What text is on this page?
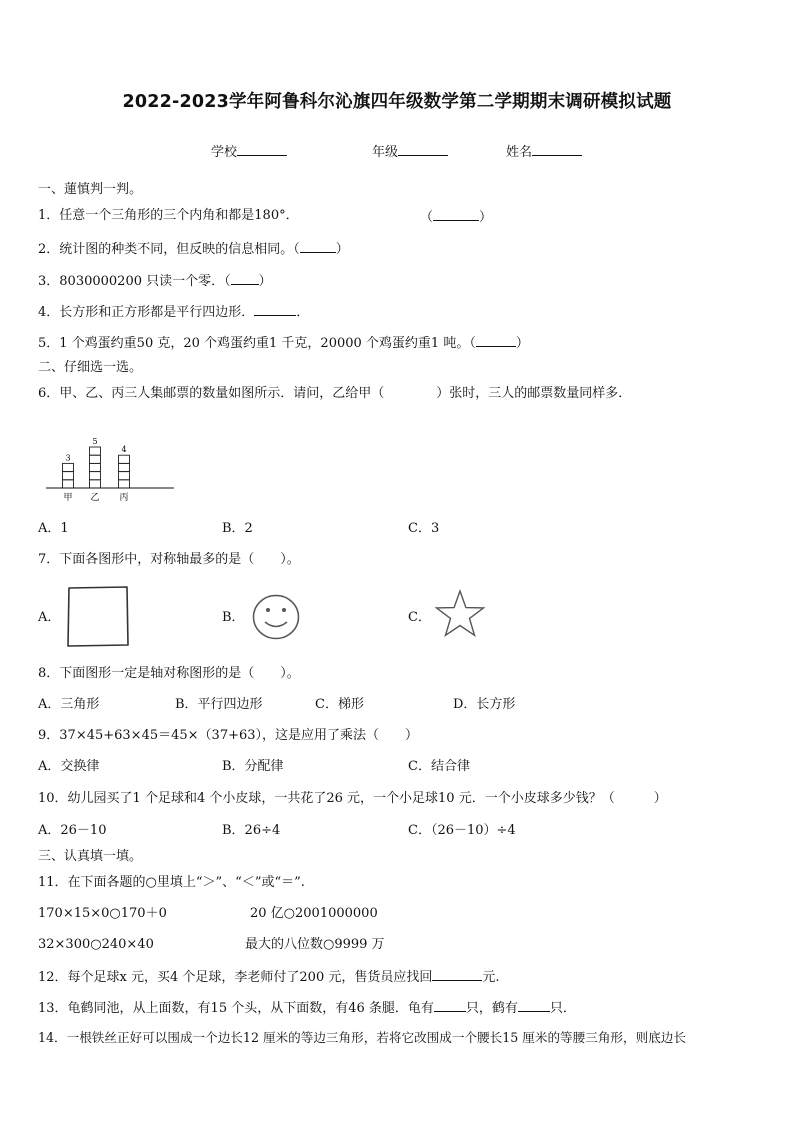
2022-2023学年阿鲁科尔沁旗四年级数学第二学期期末调研模拟试题
学校	年级	姓名
一、蓮慎判一判。
1．任意一个三角形的三个内角和都是180°．	（	）
2．统计图的种类不同，但反映的信息相同。（	）
3．8030000200 只读一个零．（ ）
4．长方形和正方形都是平行四边形．	．
5．1 个鸡蛋约重50 克，20 个鸡蛋约重1 千克，20000 个鸡蛋约重1 吨。（	）
二、仔细选一选。
6．甲、乙、丙三人集邮票的数量如图所示．请问，乙给甲（	）张时，三人的邮票数量同样多．
3
甲
5
乙
4
丙
A．1	B．2	C．3
7．下面各图形中，对称轴最多的是（　　）。
A．	B．	C．
8．下面图形一定是轴对称图形的是（　　）。
A．三角形	B．平行四边形	C．梯形	D．长方形
9．37×45+63×45＝45×（37+63），这是应用了乘法（　　）
A．交换律	B．分配律	C．结合律
10．幼儿园买了1 个足球和4 个小皮球，一共花了26 元，一个小足球10 元．一个小皮球多少钱？（　　　）
A．26－10	B．26÷4	C．（26－10）÷4
三、认真填一填。
11．在下面各题的○里填上“＞”、“＜”或“＝”.
170×15×0○170＋0	20 亿○2001000000
32×300○240×40	最大的八位数○9999 万
12．每个足球x 元，买4 个足球，李老师付了200 元，售货员应找回	元.
13．龟鹤同池，从上面数，有15 个头，从下面数，有46 条腿．龟有 只，鹤有 只．
14．一根铁丝正好可以围成一个边长12 厘米的等边三角形，若将它改围成一个腰长15 厘米的等腰三角形，则底边长
